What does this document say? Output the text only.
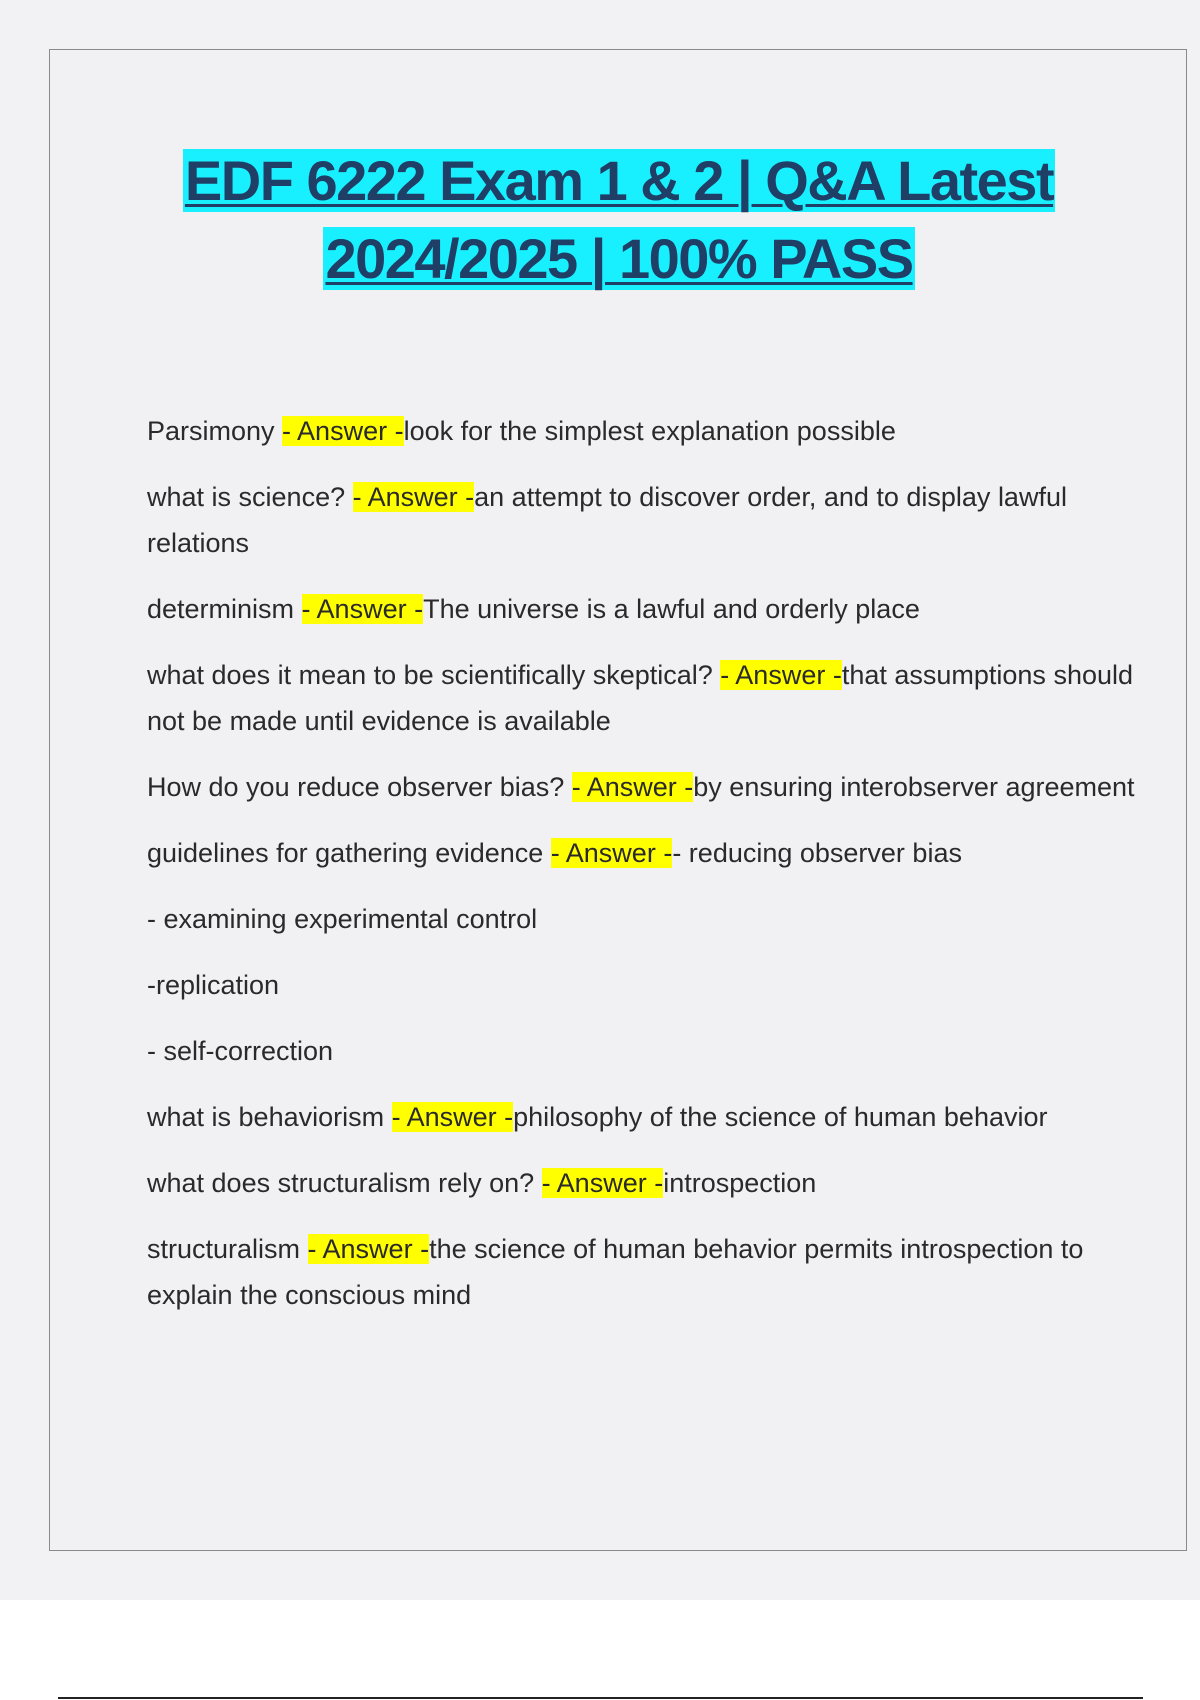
EDF 6222 Exam 1 & 2 | Q&A Latest
2024/2025 | 100% PASS

Parsimony - Answer -look for the simplest explanation possible

what is science? - Answer -an attempt to discover order, and to display lawful relations

determinism - Answer -The universe is a lawful and orderly place

what does it mean to be scientifically skeptical? - Answer -that assumptions should not be made until evidence is available

How do you reduce observer bias? - Answer -by ensuring interobserver agreement

guidelines for gathering evidence - Answer -- reducing observer bias

- examining experimental control

-replication

- self-correction

what is behaviorism - Answer -philosophy of the science of human behavior

what does structuralism rely on? - Answer -introspection

structuralism - Answer -the science of human behavior permits introspection to explain the conscious mind
